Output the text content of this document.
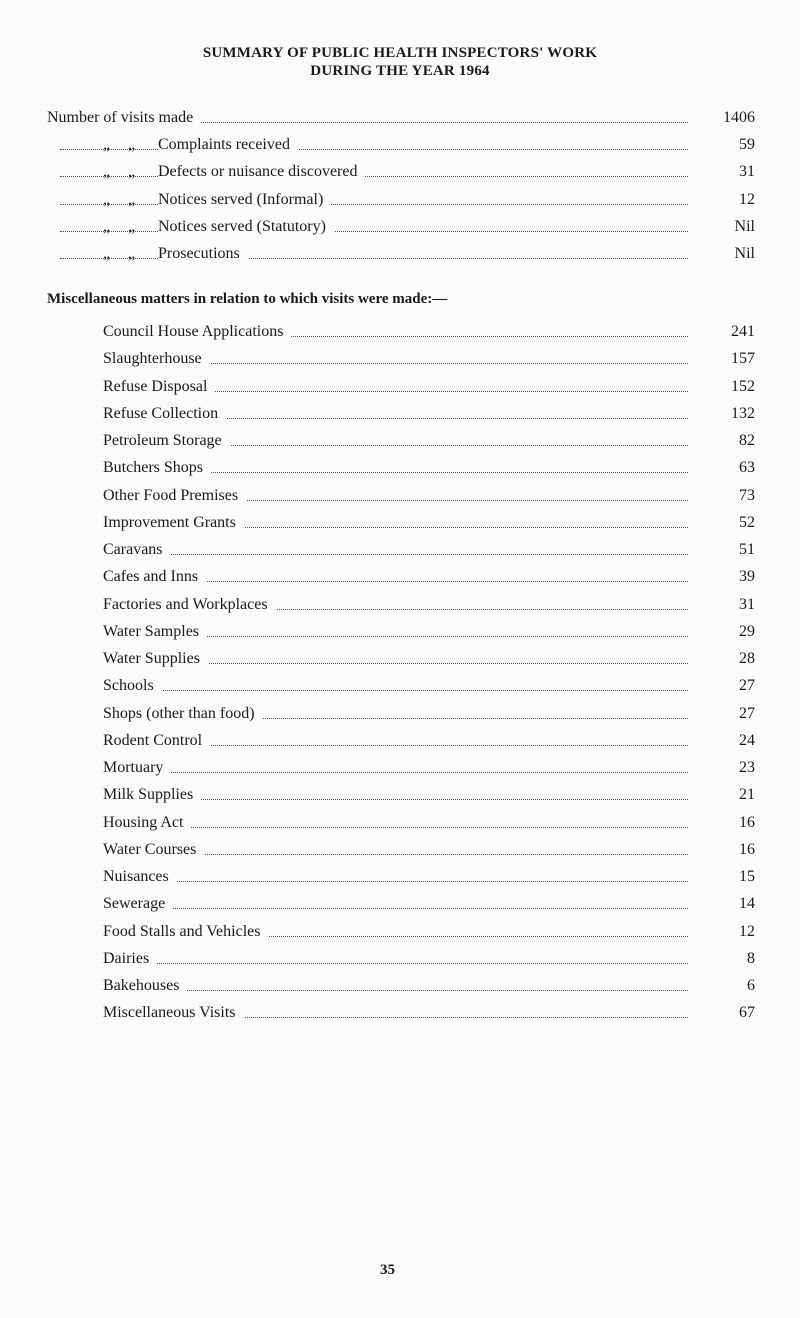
SUMMARY OF PUBLIC HEALTH INSPECTORS' WORK
DURING THE YEAR 1964
Number of visits made	1406
„ „ Complaints received	59
„ „ Defects or nuisance discovered	31
„ „ Notices served (Informal)	12
„ „ Notices served (Statutory)	Nil
„ „ Prosecutions	Nil
Miscellaneous matters in relation to which visits were made:—
Council House Applications	241
Slaughterhouse	157
Refuse Disposal	152
Refuse Collection	132
Petroleum Storage	82
Butchers Shops	63
Other Food Premises	73
Improvement Grants	52
Caravans	51
Cafes and Inns	39
Factories and Workplaces	31
Water Samples	29
Water Supplies	28
Schools	27
Shops (other than food)	27
Rodent Control	24
Mortuary	23
Milk Supplies	21
Housing Act	16
Water Courses	16
Nuisances	15
Sewerage	14
Food Stalls and Vehicles	12
Dairies	8
Bakehouses	6
Miscellaneous Visits	67
35
